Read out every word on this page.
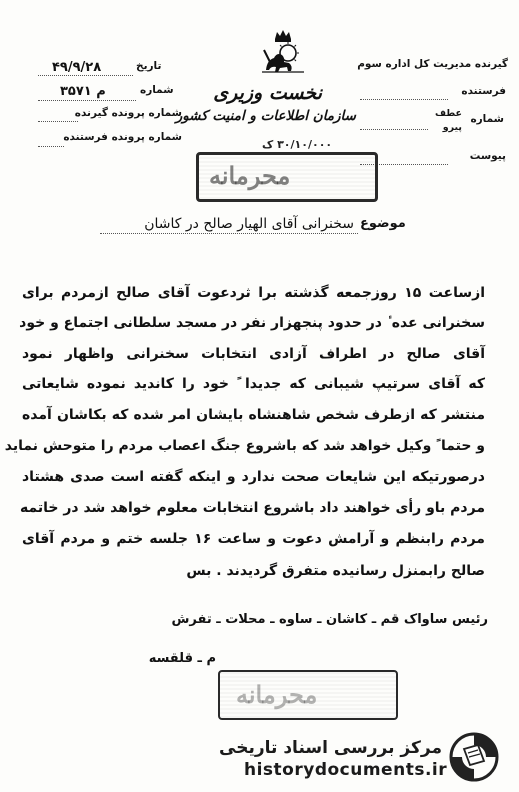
تاریخ
۴۹/۹/۲۸
شماره
۳۵۷۱ م
شماره پرونده گیرنده
شماره پرونده فرستنده
نخست وزیری
سازمان اطلاعات و امنیت کشور
گیرنده مدیریت کل اداره سوم
فرستنده
شماره
عطف
پیرو
پیوست
محرمانه
۳۰/۱۰/۰۰۰ ک
موضوع
سخنرانی آقای الهیار صالح در کاشان
ازساعت ۱۵ روزجمعه گذشته برا ثردعوت آقای صالح ازمردم برای
سخنرانی عده ٔ در حدود پنجهزار نفر در مسجد سلطانی اجتماع و خود
آقای صالح در اطراف آزادی انتخابات سخنرانی واظهار نمود
که آقای سرتیپ شیبانی که جدیدا ً خود را کاندید نموده شایعاتی
منتشر که ازطرف شخص شاهنشاه بایشان امر شده که بکاشان آمده
و حتما ً وکیل خواهد شد که باشروع جنگ اعصاب مردم را متوحش نماید
درصورتیکه این شایعات صحت ندارد و اینکه گفته است صدی هشتاد
مردم باو رأی خواهند داد باشروع انتخابات معلوم خواهد شد در خاتمه
مردم رابنظم و آرامش دعوت و ساعت ۱۶ جلسه ختم و مردم آقای
صالح رابمنزل رسانیده متفرق گردیدند . بس
رئیس ساواک قم ـ کاشان ـ ساوه ـ محلات ـ تفرش
م ـ قلقسه
محرمانه
مرکز بررسی اسناد تاریخی
historydocuments.ir
